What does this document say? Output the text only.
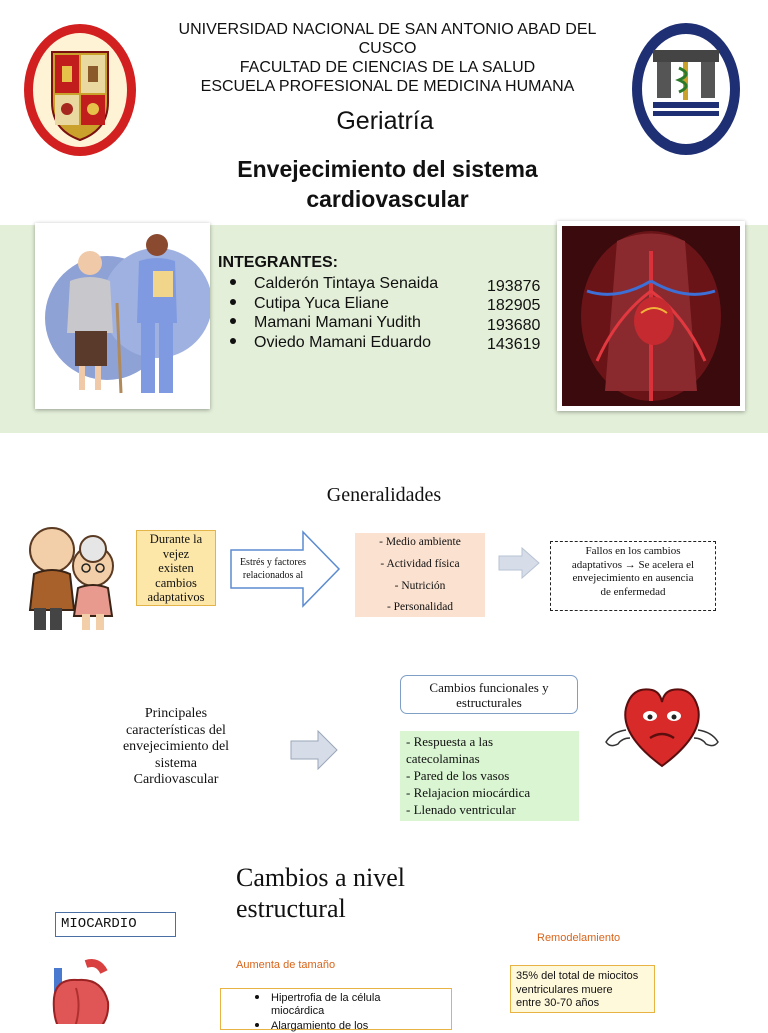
UNIVERSIDAD NACIONAL DE SAN ANTONIO ABAD DEL
CUSCO
FACULTAD DE CIENCIAS DE LA SALUD
ESCUELA PROFESIONAL DE MEDICINA HUMANA
UNSAAC
Geriatría
Envejecimiento del sistema
cardiovascular
INTEGRANTES:
Calderón Tintaya Senaida
Cutipa Yuca Eliane
Mamani Mamani Yudith
Oviedo Mamani Eduardo
193876
182905
193680
143619
Generalidades
Durante la
vejez
existen
cambios
adaptativos
Estrés y factores
relacionados al
- Medio ambiente
- Actividad física
- Nutrición
- Personalidad
Fallos en los cambios
adaptativos → Se acelera el
envejecimiento en ausencia
de enfermedad
Principales
características del
envejecimiento del
sistema
Cardiovascular
Cambios funcionales y
estructurales
- Respuesta a las
catecolaminas
- Pared de los vasos
- Relajacion miocárdica
- Llenado ventricular
Cambios a nivel
estructural
MIOCARDIO
Aumenta de tamaño
Remodelamiento
Hipertrofia de la célula
miocárdica
Alargamiento de los
35% del total de miocitos
ventriculares muere
entre 30-70 años
